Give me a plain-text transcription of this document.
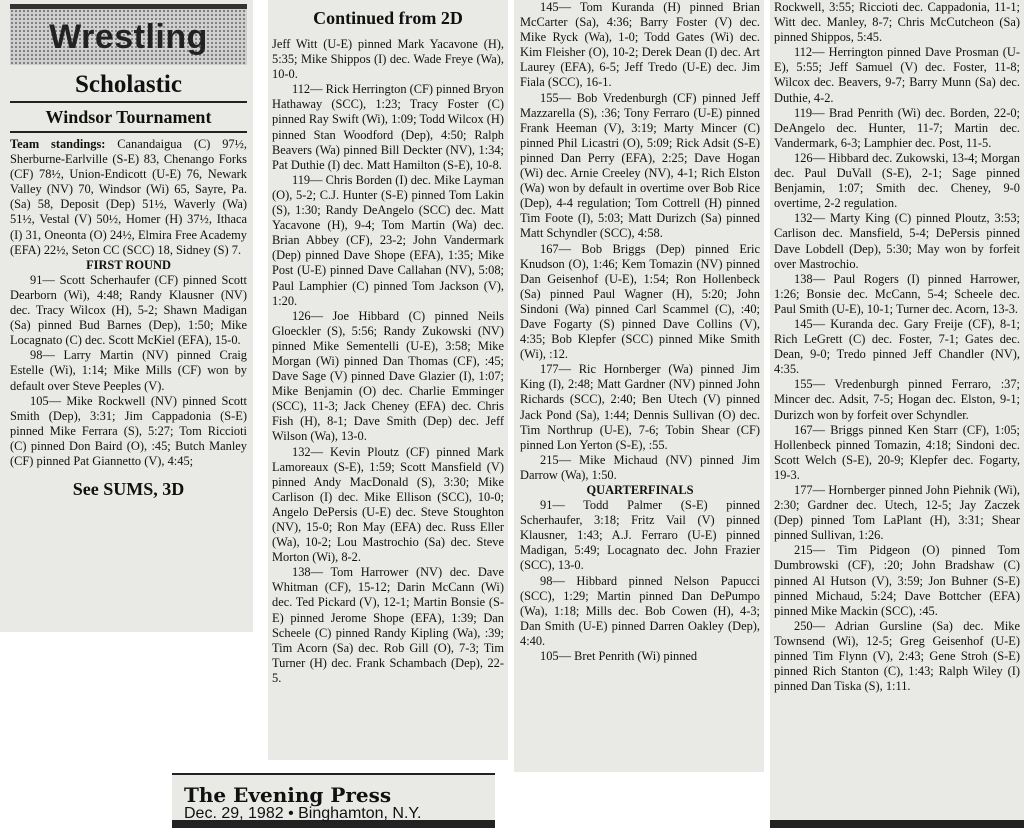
Wrestling
Scholastic
Windsor Tournament

Team standings: Canandaigua (C) 97½, Sherburne-Earlville (S-E) 83, Chenango Forks (CF) 78½, Union-Endicott (U-E) 76, Newark Valley (NV) 70, Windsor (Wi) 65, Sayre, Pa. (Sa) 58, Deposit (Dep) 51½, Waverly (Wa) 51½, Vestal (V) 50½, Homer (H) 37½, Ithaca (I) 31, Oneonta (O) 24½, Elmira Free Academy (EFA) 22½, Seton CC (SCC) 18, Sidney (S) 7.

FIRST ROUND

91— Scott Scherhaufer (CF) pinned Scott Dearborn (Wi), 4:48; Randy Klausner (NV) dec. Tracy Wilcox (H), 5-2; Shawn Madigan (Sa) pinned Bud Barnes (Dep), 1:50; Mike Locagnato (C) dec. Scott McKiel (EFA), 15-0.

98— Larry Martin (NV) pinned Craig Estelle (Wi), 1:14; Mike Mills (CF) won by default over Steve Peeples (V).

105— Mike Rockwell (NV) pinned Scott Smith (Dep), 3:31; Jim Cappadonia (S-E) pinned Mike Ferrara (S), 5:27; Tom Riccioti (C) pinned Don Baird (O), :45; Butch Manley (CF) pinned Pat Giannetto (V), 4:45;

See SUMS, 3D
Continued from 2D

Jeff Witt (U-E) pinned Mark Yacavone (H), 5:35; Mike Shippos (I) dec. Wade Freye (Wa), 10-0.

112— Rick Herrington (CF) pinned Bryon Hathaway (SCC), 1:23; Tracy Foster (C) pinned Ray Swift (Wi), 1:09; Todd Wilcox (H) pinned Stan Woodford (Dep), 4:50; Ralph Beavers (Wa) pinned Bill Deckter (NV), 1:34; Pat Duthie (I) dec. Matt Hamilton (S-E), 10-8.

119— Chris Borden (I) dec. Mike Layman (O), 5-2; C.J. Hunter (S-E) pinned Tom Lakin (S), 1:30; Randy DeAngelo (SCC) dec. Matt Yacavone (H), 9-4; Tom Martin (Wa) dec. Brian Abbey (CF), 23-2; John Vandermark (Dep) pinned Dave Shope (EFA), 1:35; Mike Post (U-E) pinned Dave Callahan (NV), 5:08; Paul Lamphier (C) pinned Tom Jackson (V), 1:20.

126— Joe Hibbard (C) pinned Neils Gloeckler (S), 5:56; Randy Zukowski (NV) pinned Mike Sementelli (U-E), 3:58; Mike Morgan (Wi) pinned Dan Thomas (CF), :45; Dave Sage (V) pinned Dave Glazier (I), 1:07; Mike Benjamin (O) dec. Charlie Emminger (SCC), 11-3; Jack Cheney (EFA) dec. Chris Fish (H), 8-1; Dave Smith (Dep) dec. Jeff Wilson (Wa), 13-0.

132— Kevin Ploutz (CF) pinned Mark Lamoreaux (S-E), 1:59; Scott Mansfield (V) pinned Andy MacDonald (S), 3:30; Mike Carlison (I) dec. Mike Ellison (SCC), 10-0; Angelo DePersis (U-E) dec. Steve Stoughton (NV), 15-0; Ron May (EFA) dec. Russ Eller (Wa), 10-2; Lou Mastrochio (Sa) dec. Steve Morton (Wi), 8-2.

138— Tom Harrower (NV) dec. Dave Whitman (CF), 15-12; Darin McCann (Wi) dec. Ted Pickard (V), 12-1; Martin Bonsie (S-E) pinned Jerome Shope (EFA), 1:39; Dan Scheele (C) pinned Randy Kipling (Wa), :39; Tim Acorn (Sa) dec. Rob Gill (O), 7-3; Tim Turner (H) dec. Frank Schambach (Dep), 22-5.

145— Tom Kuranda (H) pinned Brian McCarter (Sa), 4:36; Barry Foster (V) dec. Mike Ryck (Wa), 1-0; Todd Gates (Wi) dec. Kim Fleisher (O), 10-2; Derek Dean (I) dec. Art Laurey (EFA), 6-5; Jeff Tredo (U-E) dec. Jim Fiala (SCC), 16-1.

155— Bob Vredenburgh (CF) pinned Jeff Mazzarella (S), :36; Tony Ferraro (U-E) pinned Frank Heeman (V), 3:19; Marty Mincer (C) pinned Phil Licastri (O), 5:09; Rick Adsit (S-E) pinned Dan Perry (EFA), 2:25; Dave Hogan (Wi) dec. Arnie Creeley (NV), 4-1; Rich Elston (Wa) won by default in overtime over Bob Rice (Dep), 4-4 regulation; Tom Cottrell (H) pinned Tim Foote (I), 5:03; Matt Durizch (Sa) pinned Matt Schyndler (SCC), 4:58.

167— Bob Briggs (Dep) pinned Eric Knudson (O), 1:46; Kem Tomazin (NV) pinned Dan Geisenhof (U-E), 1:54; Ron Hollenbeck (Sa) pinned Paul Wagner (H), 5:20; John Sindoni (Wa) pinned Carl Scammel (C), :40; Dave Fogarty (S) pinned Dave Collins (V), 4:35; Bob Klepfer (SCC) pinned Mike Smith (Wi), :12.

177— Ric Hornberger (Wa) pinned Jim King (I), 2:48; Matt Gardner (NV) pinned John Richards (SCC), 2:40; Ben Utech (V) pinned Jack Pond (Sa), 1:44; Dennis Sullivan (O) dec. Tim Northrup (U-E), 7-6; Tobin Shear (CF) pinned Lon Yerton (S-E), :55.

215— Mike Michaud (NV) pinned Jim Darrow (Wa), 1:50.

QUARTERFINALS

91— Todd Palmer (S-E) pinned Scherhaufer, 3:18; Fritz Vail (V) pinned Klausner, 1:43; A.J. Ferraro (U-E) pinned Madigan, 5:49; Locagnato dec. John Frazier (SCC), 13-0.

98— Hibbard pinned Nelson Papucci (SCC), 1:29; Martin pinned Dan DePumpo (Wa), 1:18; Mills dec. Bob Cowen (H), 4-3; Dan Smith (U-E) pinned Darren Oakley (Dep), 4:40.

105— Bret Penrith (Wi) pinned

Rockwell, 3:55; Riccioti dec. Cappadonia, 11-1; Witt dec. Manley, 8-7; Chris McCutcheon (Sa) pinned Shippos, 5:45.

112— Herrington pinned Dave Prosman (U-E), 5:55; Jeff Samuel (V) dec. Foster, 11-8; Wilcox dec. Beavers, 9-7; Barry Munn (Sa) dec. Duthie, 4-2.

119— Brad Penrith (Wi) dec. Borden, 22-0; DeAngelo dec. Hunter, 11-7; Martin dec. Vandermark, 6-3; Lamphier dec. Post, 11-5.

126— Hibbard dec. Zukowski, 13-4; Morgan dec. Paul DuVall (S-E), 2-1; Sage pinned Benjamin, 1:07; Smith dec. Cheney, 9-0 overtime, 2-2 regulation.

132— Marty King (C) pinned Ploutz, 3:53; Carlison dec. Mansfield, 5-4; DePersis pinned Dave Lobdell (Dep), 5:30; May won by forfeit over Mastrochio.

138— Paul Rogers (I) pinned Harrower, 1:26; Bonsie dec. McCann, 5-4; Scheele dec. Paul Smith (U-E), 10-1; Turner dec. Acorn, 13-3.

145— Kuranda dec. Gary Freije (CF), 8-1; Rich LeGrett (C) dec. Foster, 7-1; Gates dec. Dean, 9-0; Tredo pinned Jeff Chandler (NV), 4:35.

155— Vredenburgh pinned Ferraro, :37; Mincer dec. Adsit, 7-5; Hogan dec. Elston, 9-1; Durizch won by forfeit over Schyndler.

167— Briggs pinned Ken Starr (CF), 1:05; Hollenbeck pinned Tomazin, 4:18; Sindoni dec. Scott Welch (S-E), 20-9; Klepfer dec. Fogarty, 19-3.

177— Hornberger pinned John Piehnik (Wi), 2:30; Gardner dec. Utech, 12-5; Jay Zaczek (Dep) pinned Tom LaPlant (H), 3:31; Shear pinned Sullivan, 1:26.

215— Tim Pidgeon (O) pinned Tom Dumbrowski (CF), :20; John Bradshaw (C) pinned Al Hutson (V), 3:59; Jon Buhner (S-E) pinned Michaud, 5:24; Dave Bottcher (EFA) pinned Mike Mackin (SCC), :45.

250— Adrian Gursline (Sa) dec. Mike Townsend (Wi), 12-5; Greg Geisenhof (U-E) pinned Tim Flynn (V), 2:43; Gene Stroh (S-E) pinned Rich Stanton (C), 1:43; Ralph Wiley (I) pinned Dan Tiska (S), 1:11.

The Evening Press
Dec. 29, 1982 • Binghamton, N.Y.
